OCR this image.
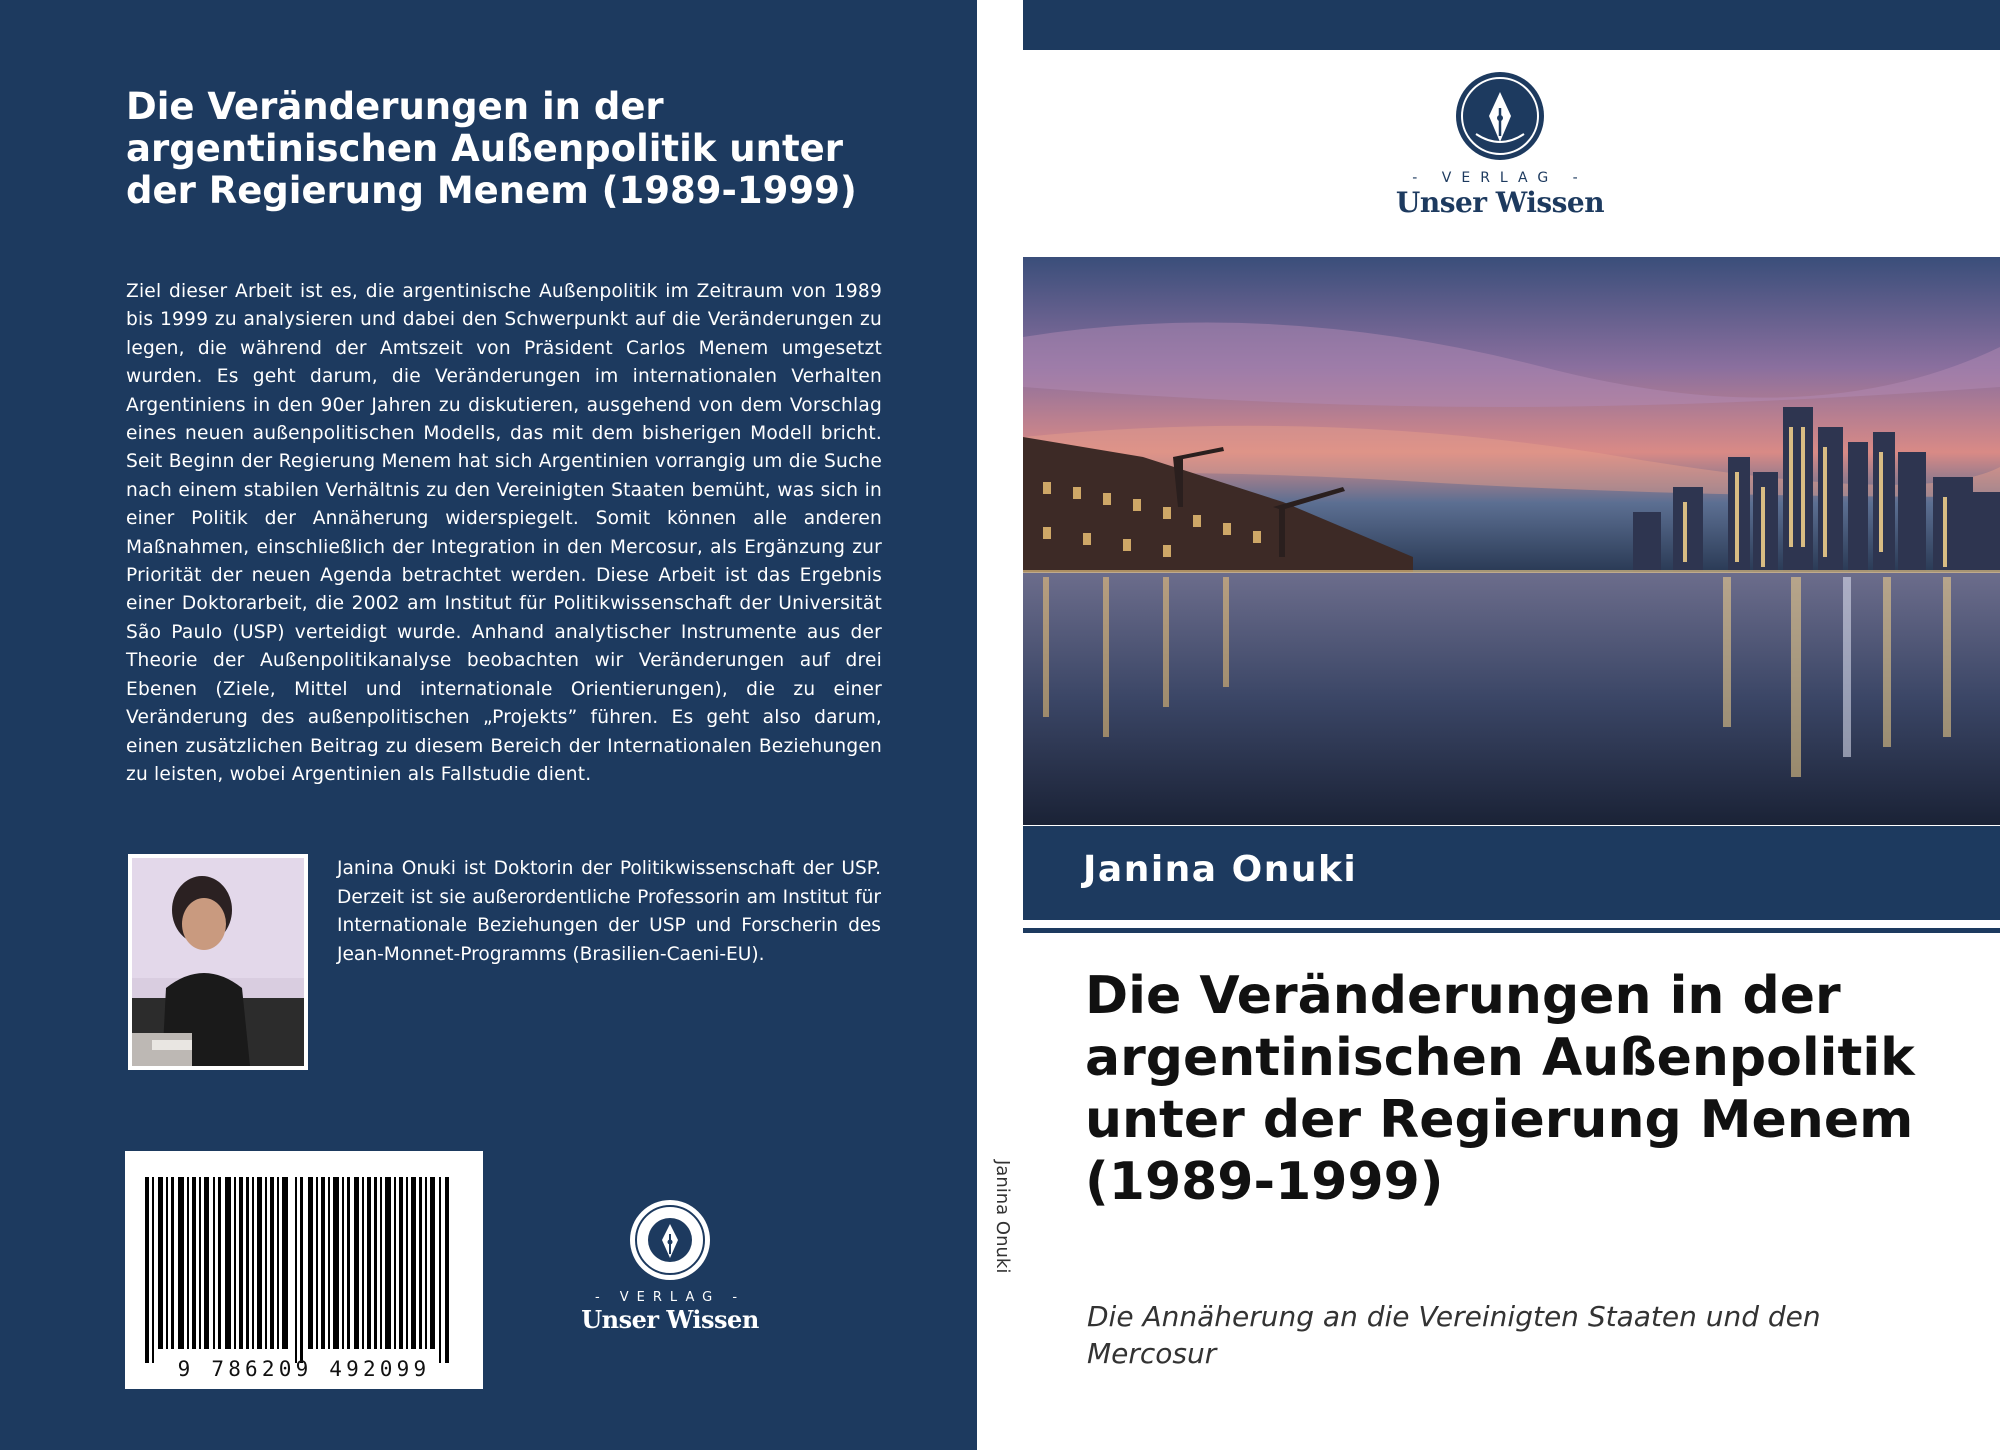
Die Veränderungen in der argentinischen Außenpolitik unter der Regierung Menem (1989-1999)

Ziel dieser Arbeit ist es, die argentinische Außenpolitik im Zeitraum von 1989 bis 1999 zu analysieren und dabei den Schwerpunkt auf die Veränderungen zu legen, die während der Amtszeit von Präsident Carlos Menem umgesetzt wurden. Es geht darum, die Veränderungen im internationalen Verhalten Argentiniens in den 90er Jahren zu diskutieren, ausgehend von dem Vorschlag eines neuen außenpolitischen Modells, das mit dem bisherigen Modell bricht. Seit Beginn der Regierung Menem hat sich Argentinien vorrangig um die Suche nach einem stabilen Verhältnis zu den Vereinigten Staaten bemüht, was sich in einer Politik der Annäherung widerspiegelt. Somit können alle anderen Maßnahmen, einschließlich der Integration in den Mercosur, als Ergänzung zur Priorität der neuen Agenda betrachtet werden. Diese Arbeit ist das Ergebnis einer Doktorarbeit, die 2002 am Institut für Politikwissenschaft der Universität São Paulo (USP) verteidigt wurde. Anhand analytischer Instrumente aus der Theorie der Außenpolitikanalyse beobachten wir Veränderungen auf drei Ebenen (Ziele, Mittel und internationale Orientierungen), die zu einer Veränderung des außenpolitischen „Projekts” führen. Es geht also darum, einen zusätzlichen Beitrag zu diesem Bereich der Internationalen Beziehungen zu leisten, wobei Argentinien als Fallstudie dient.

Janina Onuki ist Doktorin der Politikwissenschaft der USP. Derzeit ist sie außerordentliche Professorin am Institut für Internationale Beziehungen der USP und Forscherin des Jean-Monnet-Programms (Brasilien-Caeni-EU).

9 786209 492099
- VERLAG -
Unser Wissen
Janina Onuki
- VERLAG -
Unser Wissen
Janina Onuki
Die Veränderungen in der argentinischen Außenpolitik unter der Regierung Menem (1989-1999)

Die Annäherung an die Vereinigten Staaten und den Mercosur
